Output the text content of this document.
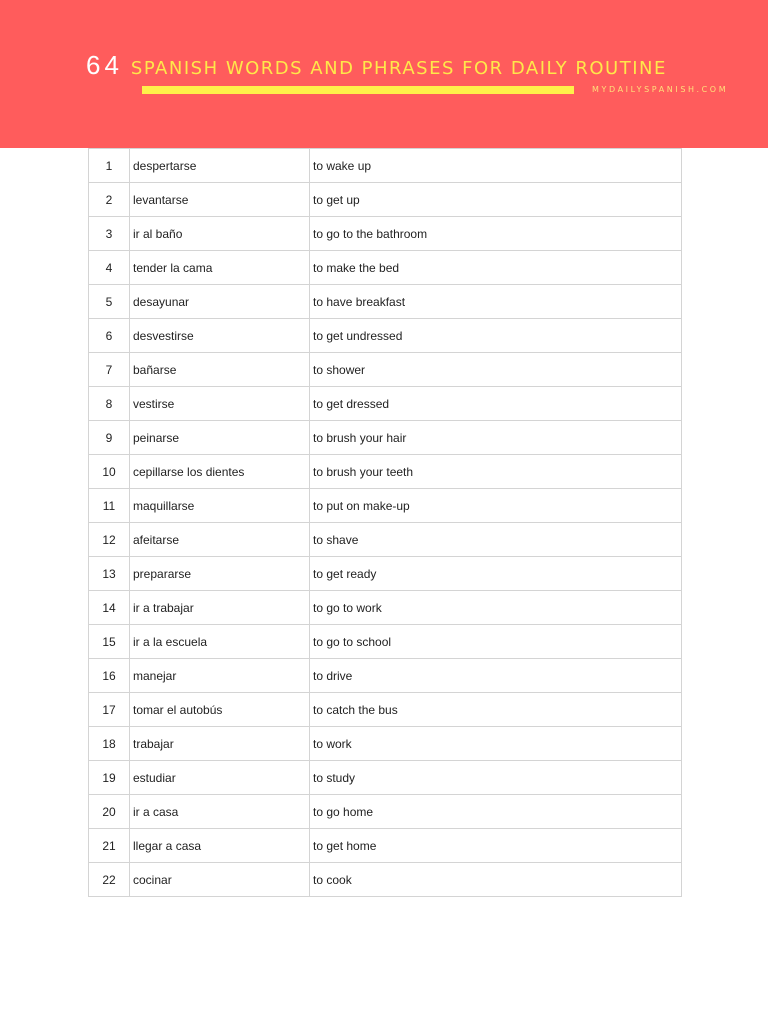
64 SPANISH WORDS AND PHRASES FOR DAILY ROUTINE
MYDAILYSPANISH.COM
1	despertarse	to wake up
2	levantarse	to get up
3	ir al baño	to go to the bathroom
4	tender la cama	to make the bed
5	desayunar	to have breakfast
6	desvestirse	to get undressed
7	bañarse	to shower
8	vestirse	to get dressed
9	peinarse	to brush your hair
10	cepillarse los dientes	to brush your teeth
11	maquillarse	to put on make-up
12	afeitarse	to shave
13	prepararse	to get ready
14	ir a trabajar	to go to work
15	ir a la escuela	to go to school
16	manejar	to drive
17	tomar el autobús	to catch the bus
18	trabajar	to work
19	estudiar	to study
20	ir a casa	to go home
21	llegar a casa	to get home
22	cocinar	to cook
